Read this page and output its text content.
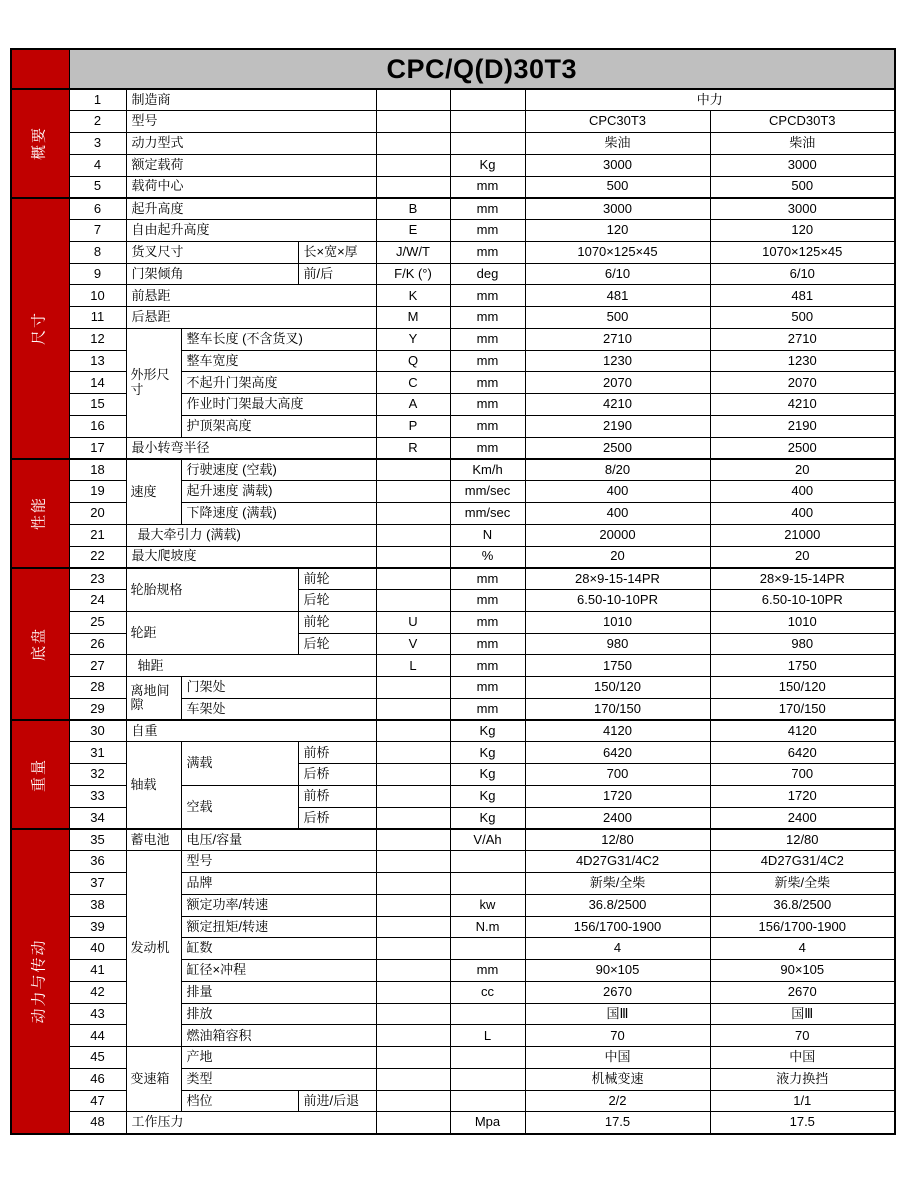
	CPC/Q(D)30T3							

概要	1	制造商					中力	
	2	型号					CPC30T3	CPCD30T3
	3	动力型式					柴油	柴油
	4	额定载荷				Kg	3000	3000
	5	载荷中心				mm	500	500

尺寸	6	起升高度			B	mm	3000	3000
	7	自由起升高度			E	mm	120	120
	8	货叉尺寸		长×宽×厚	J/W/T	mm	1070×125×45	1070×125×45
	9	门架倾角		前/后	F/K (°)	deg	6/10	6/10
	10	前悬距			K	mm	481	481
	11	后悬距			M	mm	500	500
	12	外形尺寸	整车长度 (不含货叉)		Y	mm	2710	2710
	13		整车宽度		Q	mm	1230	1230
	14		不起升门架高度		C	mm	2070	2070
	15		作业时门架最大高度		A	mm	4210	4210
	16		护顶架高度		P	mm	2190	2190
	17	最小转弯半径			R	mm	2500	2500

性能	18	速度	行驶速度 (空载)			Km/h	8/20	20
	19		起升速度 满载)			mm/sec	400	400
	20		下降速度 (满载)			mm/sec	400	400
	21	最大牵引力 (满载)				N	20000	21000
	22	最大爬坡度				%	20	20

底盘	23	轮胎规格		前轮		mm	28×9-15-14PR	28×9-15-14PR
	24			后轮		mm	6.50-10-10PR	6.50-10-10PR
	25	轮距		前轮	U	mm	1010	1010
	26			后轮	V	mm	980	980
	27	轴距			L	mm	1750	1750
	28	离地间隙	门架处			mm	150/120	150/120
	29		车架处			mm	170/150	170/150

重量	30	自重				Kg	4120	4120
	31	轴载	满载	前桥		Kg	6420	6420
	32			后桥		Kg	700	700
	33		空载	前桥		Kg	1720	1720
	34			后桥		Kg	2400	2400

动力与传动	35	蓄电池	电压/容量			V/Ah	12/80	12/80
	36	发动机	型号				4D27G31/4C2	4D27G31/4C2
	37		品牌				新柴/全柴	新柴/全柴
	38		额定功率/转速			kw	36.8/2500	36.8/2500
	39		额定扭矩/转速			N.m	156/1700-1900	156/1700-1900
	40		缸数				4	4
	41		缸径×冲程			mm	90×105	90×105
	42		排量			cc	2670	2670
	43		排放				国Ⅲ	国Ⅲ
	44		燃油箱容积			L	70	70
	45	变速箱	产地				中国	中国
	46		类型				机械变速	液力换挡
	47		档位	前进/后退			2/2	1/1
	48	工作压力				Mpa	17.5	17.5
